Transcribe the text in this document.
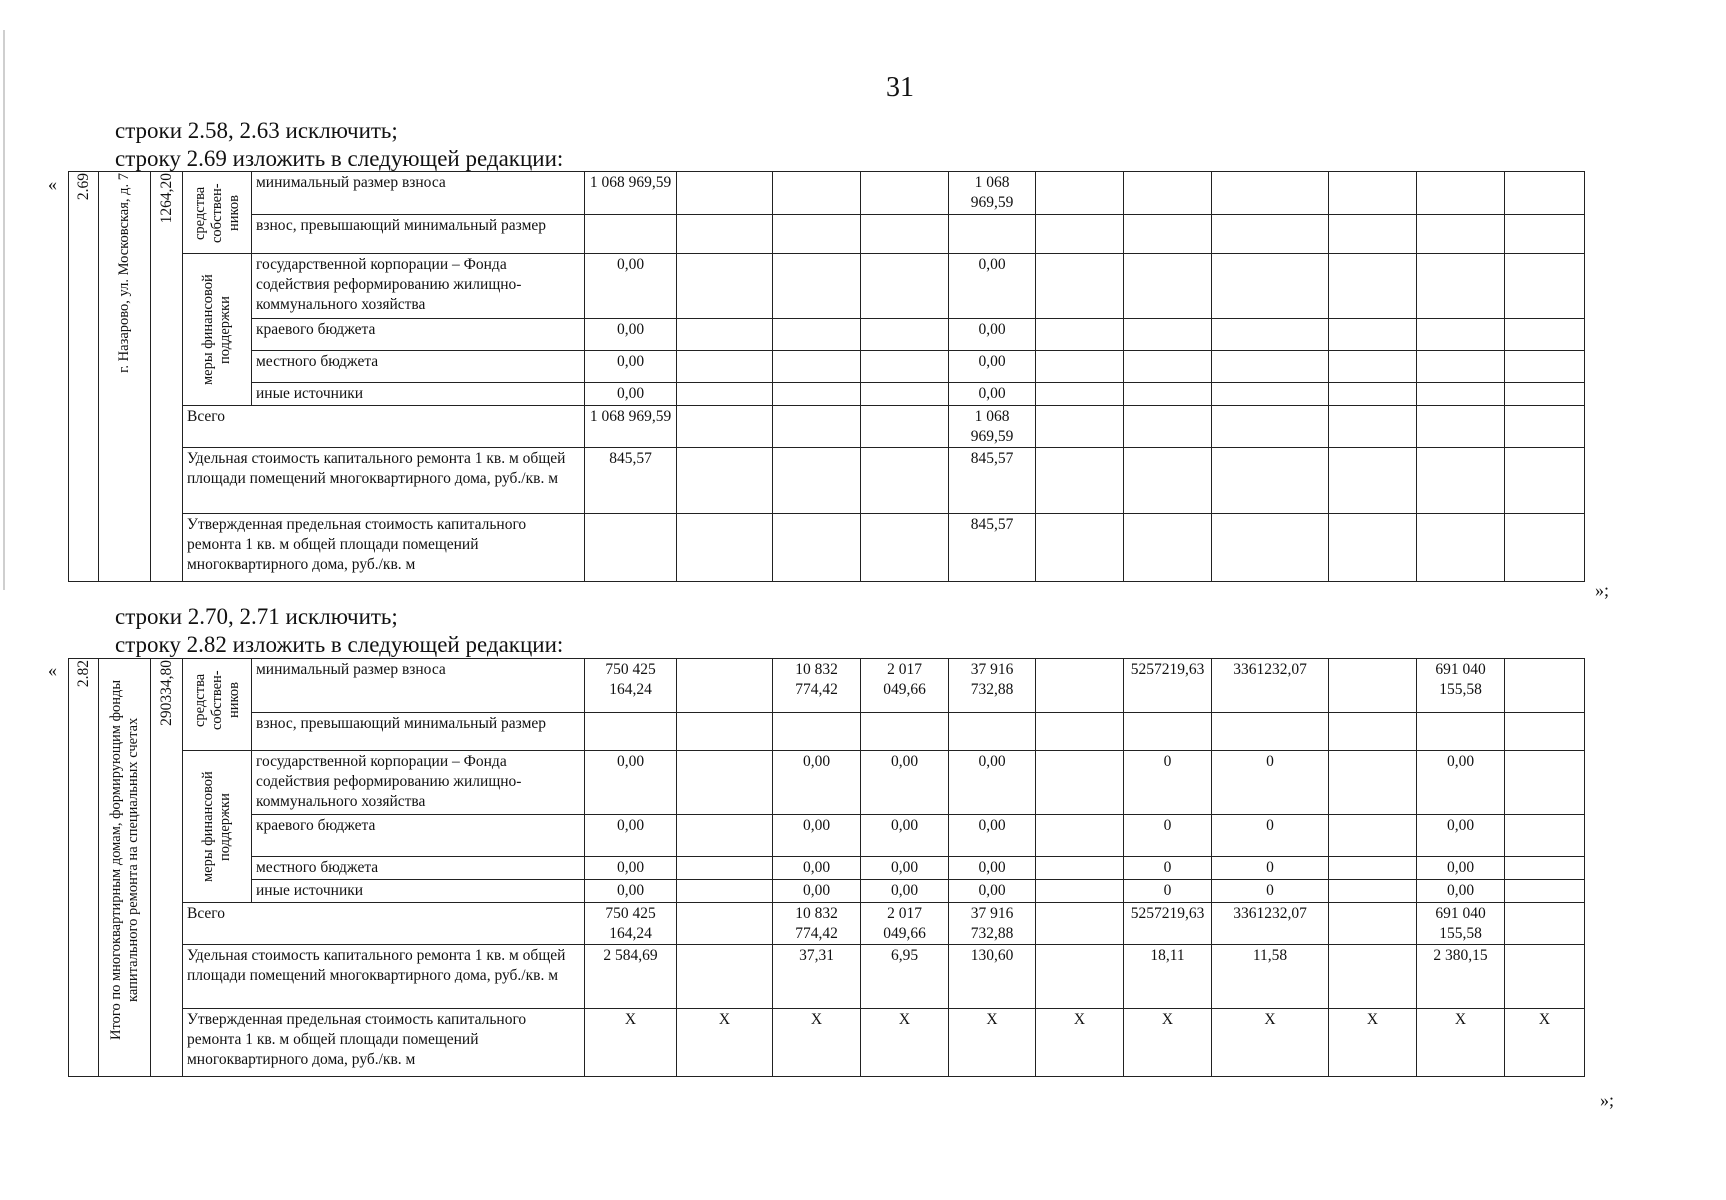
31
строки 2.58, 2.63 исключить;
строку 2.69 изложить в следующей редакции:
« 2.69	г. Назарово, ул. Московская, д. 7	1264,20	средства собствен-ников	минимальный размер взноса	1 068 969,59				1 068 969,59						
				взнос, превышающий минимальный размер											

			меры финансовой поддержки	государственной корпорации – Фонда содействия реформированию жилищно-коммунального хозяйства	0,00				0,00						
				краевого бюджета	0,00				0,00						
				местного бюджета	0,00				0,00						
				иные источники	0,00				0,00						
			Всего		1 068 969,59				1 068 969,59						
			Удельная стоимость капитального ремонта 1 кв. м общей площади помещений многоквартирного дома, руб./кв. м		845,57				845,57						
			Утвержденная предельная стоимость капитального ремонта 1 кв. м общей площади помещений многоквартирного дома, руб./кв. м						845,57						
»;
строки 2.70, 2.71 исключить;
строку 2.82 изложить в следующей редакции:
« 2.82	Итого по многоквартирным домам, формирующим фонды капитального ремонта на специальных счетах	290334,80	средства собствен-ников	минимальный размер взноса	750 425 164,24		10 832 774,42	2 017 049,66	37 916 732,88		5257219,63	3361232,07		691 040 155,58	
				взнос, превышающий минимальный размер											

			меры финансовой поддержки	государственной корпорации – Фонда содействия реформированию жилищно-коммунального хозяйства	0,00		0,00	0,00	0,00		0	0		0,00	
				краевого бюджета	0,00		0,00	0,00	0,00		0	0		0,00	
				местного бюджета	0,00		0,00	0,00	0,00		0	0		0,00	
				иные источники	0,00		0,00	0,00	0,00		0	0		0,00	
			Всего		750 425 164,24		10 832 774,42	2 017 049,66	37 916 732,88		5257219,63	3361232,07		691 040 155,58	
			Удельная стоимость капитального ремонта 1 кв. м общей площади помещений многоквартирного дома, руб./кв. м		2 584,69		37,31	6,95	130,60		18,11	11,58		2 380,15	
			Утвержденная предельная стоимость капитального ремонта 1 кв. м общей площади помещений многоквартирного дома, руб./кв. м		X	X	X	X	X	X	X	X	X	X	X
»;
